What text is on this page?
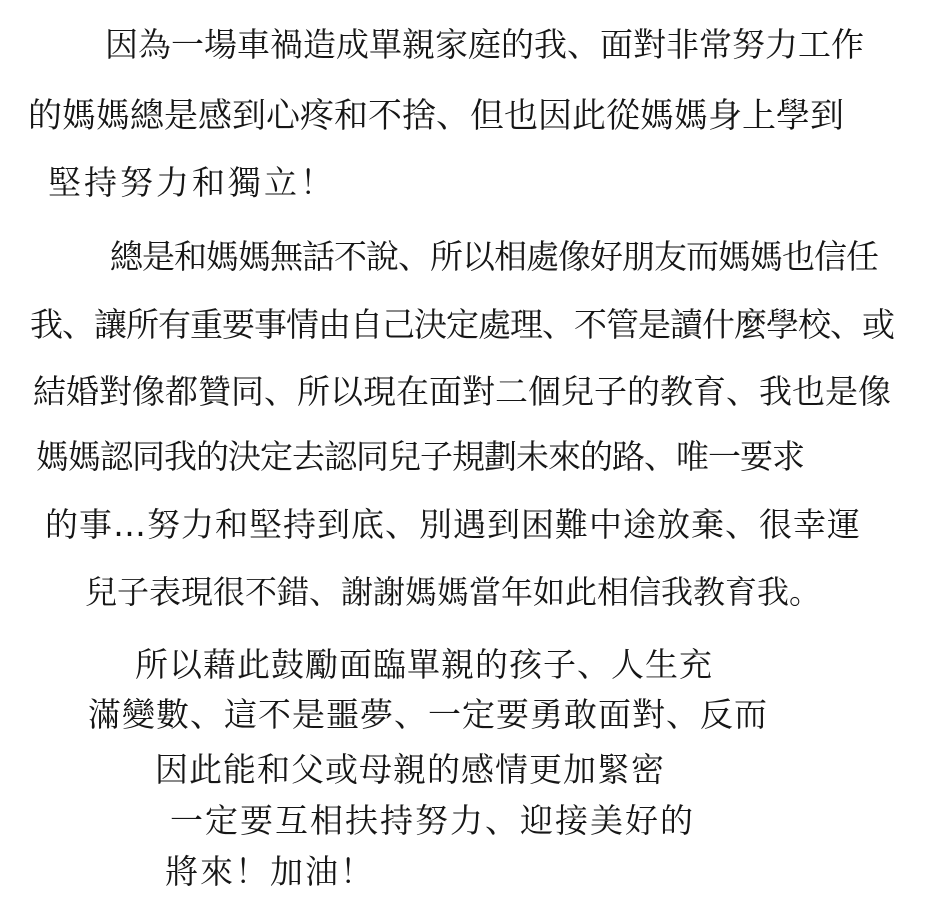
因為一場車禍造成單親家庭的我、面對非常努力工作
的媽媽總是感到心疼和不捨、但也因此從媽媽身上學到
堅持努力和獨立！
總是和媽媽無話不說、所以相處像好朋友而媽媽也信任
我、讓所有重要事情由自己決定處理、不管是讀什麼學校、或
結婚對像都贊同、所以現在面對二個兒子的教育、我也是像
媽媽認同我的決定去認同兒子規劃未來的路、唯一要求
的事…努力和堅持到底、別遇到困難中途放棄、很幸運
兒子表現很不錯、謝謝媽媽當年如此相信我教育我。
所以藉此鼓勵面臨單親的孩子、人生充
滿變數、這不是噩夢、一定要勇敢面對、反而
因此能和父或母親的感情更加緊密
一定要互相扶持努力、迎接美好的
將來！加油！
